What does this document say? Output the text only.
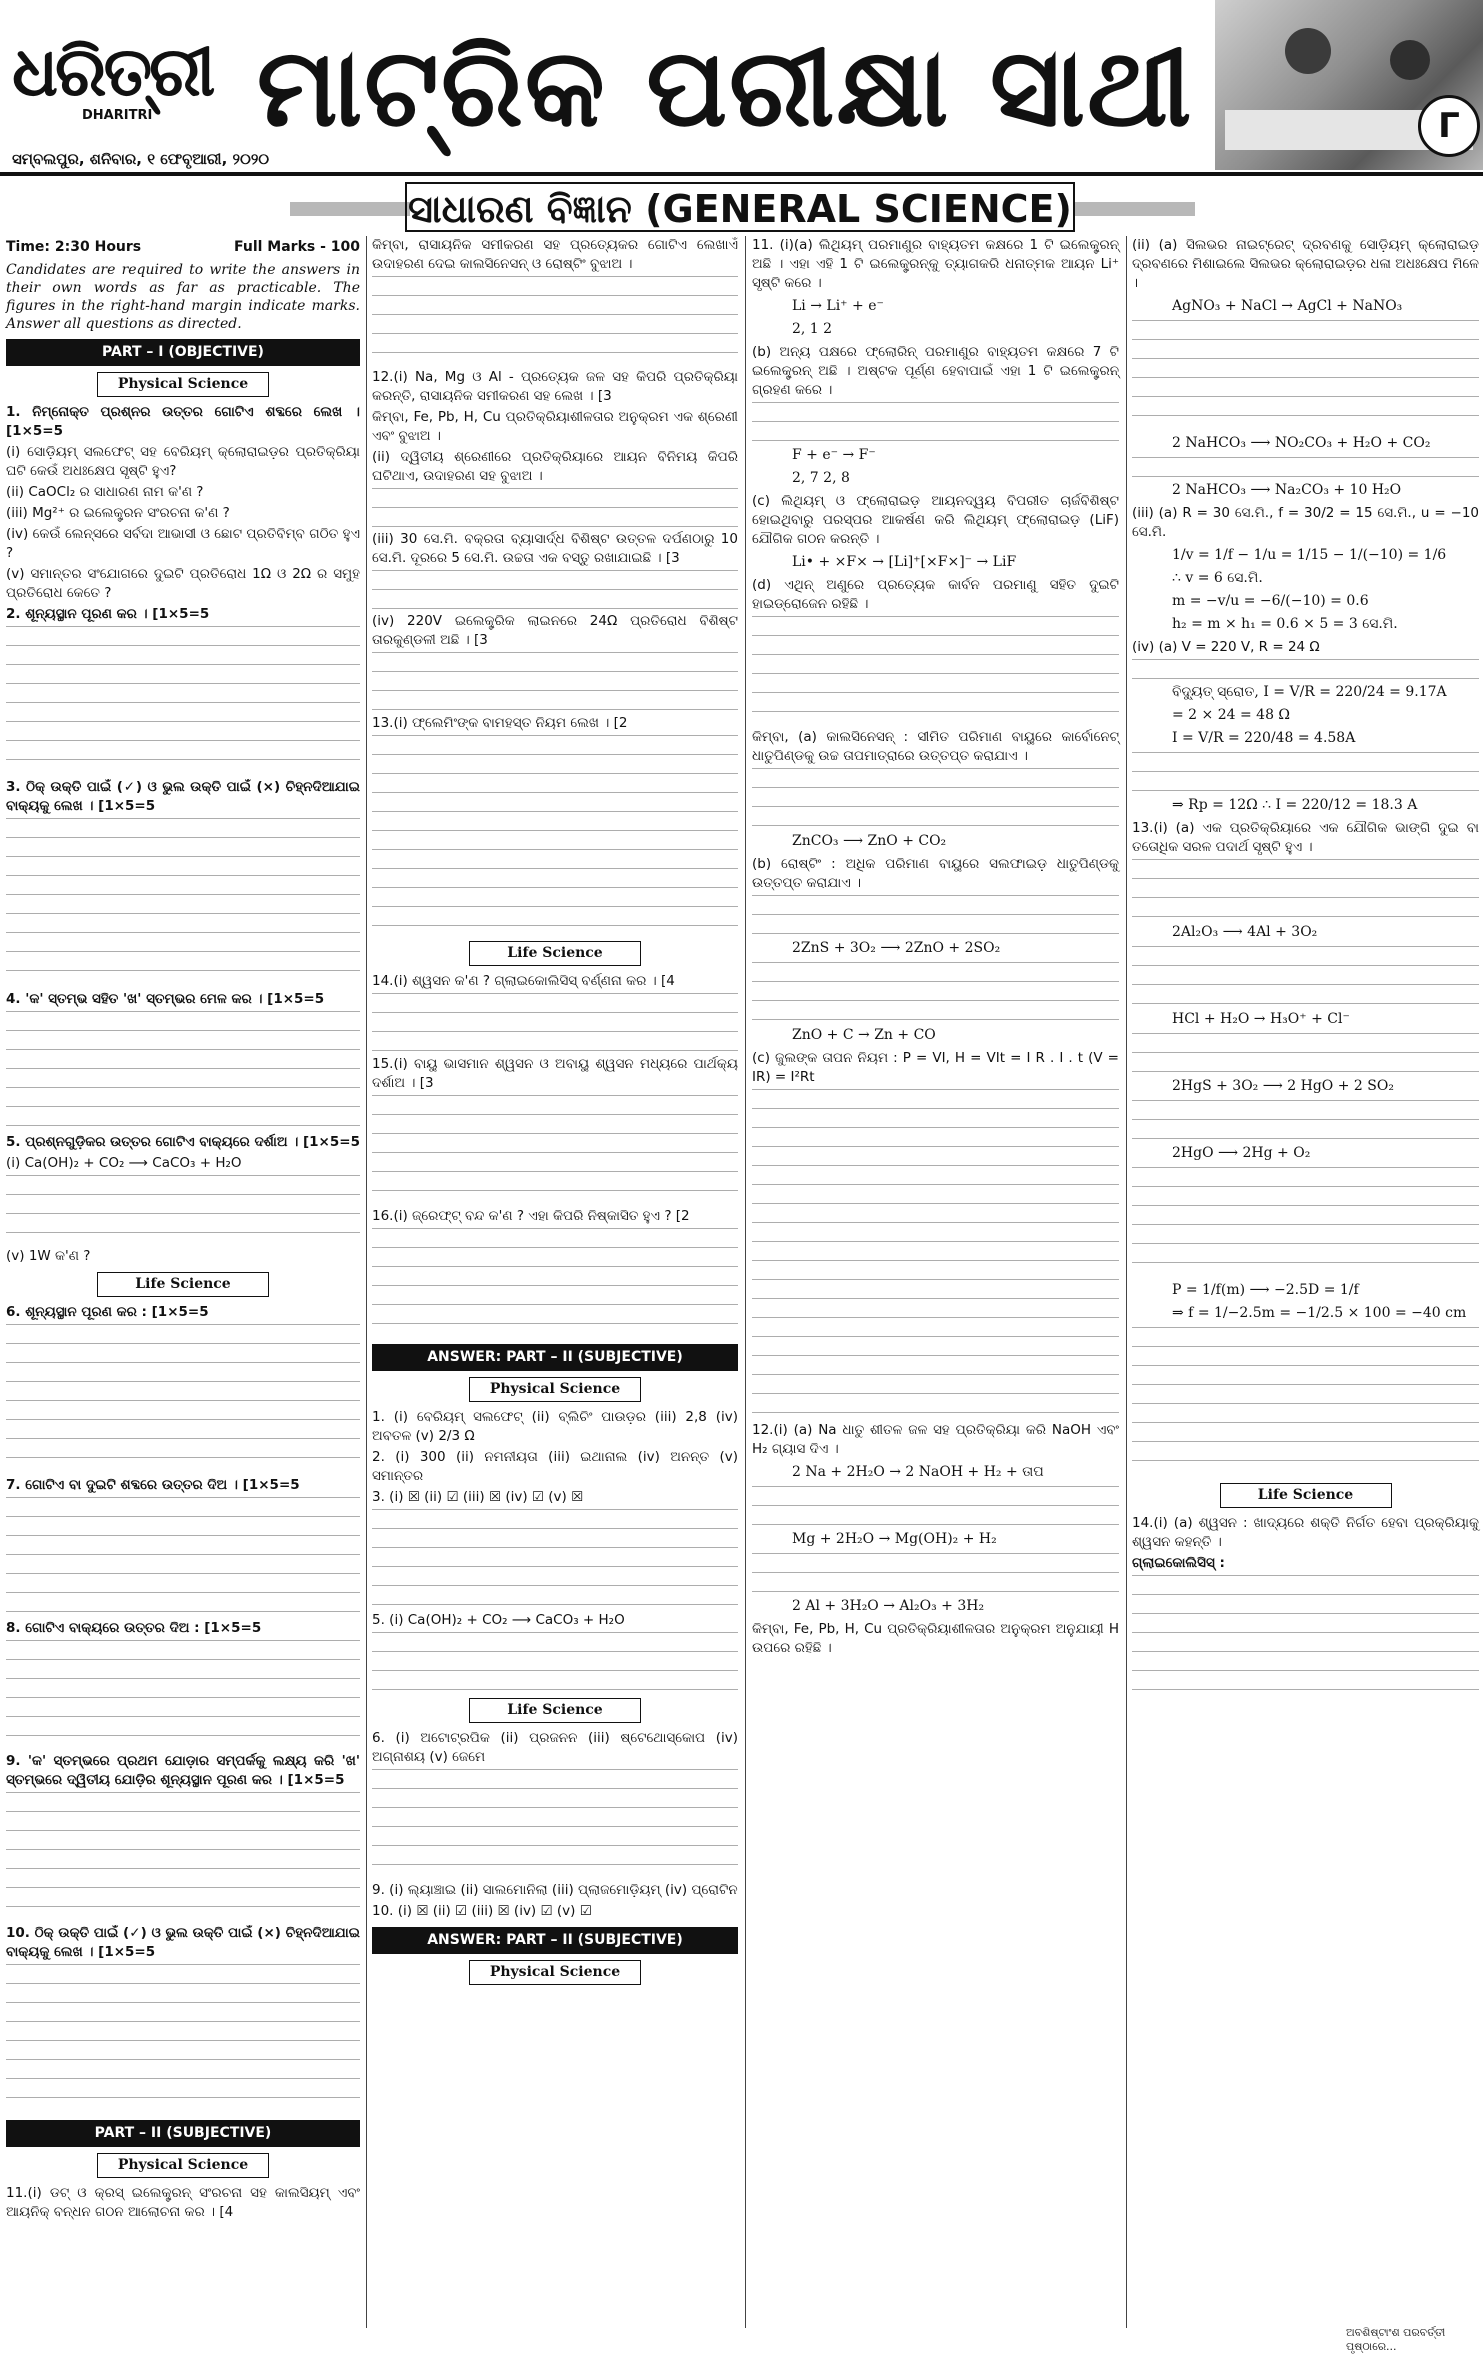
ଧରିତ୍ରୀ
DHARITRI
ସମ୍ବଲପୁର, ଶନିବାର, ୧ ଫେବୃଆରୀ, ୨୦୨୦
ମାଟ୍ରିକ ପରୀକ୍ଷା ସାଥୀ	Γ
ସାଧାରଣ ବିଜ୍ଞାନ (GENERAL SCIENCE)
Time: 2:30 Hours	Full Marks - 100

Candidates are required to write the answers in their own words as far as practicable. The figures in the right-hand margin indicate marks. Answer all questions as directed.

PART – I (OBJECTIVE)
Physical Science

1. ନିମ୍ନୋକ୍ତ ପ୍ରଶ୍ନର ଉତ୍ତର ଗୋଟିଏ ଶବ୍ଦରେ ଲେଖ । [1×5=5

(i) ସୋଡ଼ିୟମ୍ ସଲଫେଟ୍ ସହ ବେରିୟମ୍ କ୍ଲୋରାଇଡ଼ର ପ୍ରତିକ୍ରିୟା ଘଟି କେଉଁ ଅଧଃକ୍ଷେପ ସୃଷ୍ଟି ହୁଏ?

(ii) CaOCl₂ ର ସାଧାରଣ ନାମ କ'ଣ ?

(iii) Mg²⁺ ର ଇଲେକ୍ଟ୍ରନ ସଂରଚନା କ'ଣ ?

(iv) କେଉଁ ଲେନ୍ସରେ ସର୍ବଦା ଆଭାସୀ ଓ ଛୋଟ ପ୍ରତିବିମ୍ବ ଗଠିତ ହୁଏ ?

(v) ସମାନ୍ତର ସଂଯୋଗରେ ଦୁଇଟି ପ୍ରତିରୋଧ 1Ω ଓ 2Ω ର ସମୁହ ପ୍ରତିରୋଧ କେତେ ?

2. ଶୂନ୍ୟସ୍ଥାନ ପୂରଣ କର । [1×5=5

3. ଠିକ୍ ଉକ୍ତି ପାଇଁ (✓) ଓ ଭୁଲ ଉକ୍ତି ପାଇଁ (×) ଚିହ୍ନଦିଆଯାଇ ବାକ୍ୟକୁ ଲେଖ । [1×5=5

4. 'କ' ସ୍ତମ୍ଭ ସହିତ 'ଖ' ସ୍ତମ୍ଭର ମେଳ କର । [1×5=5

5. ପ୍ରଶ୍ନଗୁଡ଼ିକର ଉତ୍ତର ଗୋଟିଏ ବାକ୍ୟରେ ଦର୍ଶାଅ । [1×5=5

(i) Ca(OH)₂ + CO₂ ⟶ CaCO₃ + H₂O

(v) 1W କ'ଣ ?

Life Science

6. ଶୂନ୍ୟସ୍ଥାନ ପୂରଣ କର : [1×5=5

7. ଗୋଟିଏ ବା ଦୁଇଟି ଶବ୍ଦରେ ଉତ୍ତର ଦିଅ । [1×5=5

8. ଗୋଟିଏ ବାକ୍ୟରେ ଉତ୍ତର ଦିଅ : [1×5=5

9. 'କ' ସ୍ତମ୍ଭରେ ପ୍ରଥମ ଯୋଡ଼ାର ସମ୍ପର୍କକୁ ଲକ୍ଷ୍ୟ କରି 'ଖ' ସ୍ତମ୍ଭରେ ଦ୍ୱିତୀୟ ଯୋଡ଼ିର ଶୂନ୍ୟସ୍ଥାନ ପୂରଣ କର । [1×5=5

10. ଠିକ୍ ଉକ୍ତି ପାଇଁ (✓) ଓ ଭୁଲ ଉକ୍ତି ପାଇଁ (×) ଚିହ୍ନଦିଆଯାଇ ବାକ୍ୟକୁ ଲେଖ । [1×5=5

PART – II (SUBJECTIVE)
Physical Science

11.(i) ଡଟ୍ ଓ କ୍ରସ୍ ଇଲେକ୍ଟ୍ରନ୍ ସଂରଚନା ସହ କାଲସିୟମ୍ ଏବଂ ଆୟନିକ୍ ବନ୍ଧନ ଗଠନ ଆଲୋଚନା କର । [4

କିମ୍ବା, ରାସାୟନିକ ସମୀକରଣ ସହ ପ୍ରତ୍ୟେକର ଗୋଟିଏ ଲେଖାଏଁ ଉଦାହରଣ ଦେଇ କାଲସିନେସନ୍ ଓ ରୋଷ୍ଟିଂ ବୁଝାଅ ।

12.(i) Na, Mg ଓ Al - ପ୍ରତ୍ୟେକ ଜଳ ସହ କିପରି ପ୍ରତିକ୍ରିୟା କରନ୍ତି, ରାସାୟନିକ ସମୀକରଣ ସହ ଲେଖ । [3

କିମ୍ବା, Fe, Pb, H, Cu ପ୍ରତିକ୍ରିୟାଶୀଳତାର ଅନୁକ୍ରମ ଏକ ଶ୍ରେଣୀ ଏବଂ ବୁଝାଅ ।

(ii) ଦ୍ୱିତୀୟ ଶ୍ରେଣୀରେ ପ୍ରତିକ୍ରିୟାରେ ଆୟନ ବିନିମୟ କିପରି ଘଟିଥାଏ, ଉଦାହରଣ ସହ ବୁଝାଅ ।

(iii) 30 ସେ.ମି. ବକ୍ରତା ବ୍ୟାସାର୍ଦ୍ଧ ବିଶିଷ୍ଟ ଉତ୍ତଳ ଦର୍ପଣଠାରୁ 10 ସେ.ମି. ଦୂରରେ 5 ସେ.ମି. ଉଚ୍ଚତା ଏକ ବସ୍ତୁ ରଖାଯାଇଛି । [3

(iv) 220V ଇଲେକ୍ଟ୍ରିକ ଲାଇନରେ 24Ω ପ୍ରତିରୋଧ ବିଶିଷ୍ଟ ତାରକୁଣ୍ଡଳୀ ଅଛି । [3

13.(i) ଫ୍ଲେମିଂଙ୍କ ବାମହସ୍ତ ନିୟମ ଲେଖ । [2

Life Science

14.(i) ଶ୍ୱସନ କ'ଣ ? ଗ୍ଲାଇକୋଲିସିସ୍ ବର୍ଣ୍ଣନା କର । [4

15.(i) ବାୟୁ ଭାସମାନ ଶ୍ୱସନ ଓ ଅବାୟୁ ଶ୍ୱସନ ମଧ୍ୟରେ ପାର୍ଥକ୍ୟ ଦର୍ଶାଅ । [3

16.(i) ଜ୍ରେଫ୍ଟ୍ ବନ୍ଦ କ'ଣ ? ଏହା କିପରି ନିଷ୍କାସିତ ହୁଏ ? [2

ANSWER: PART – II (SUBJECTIVE)
Physical Science

1. (i) ବେରିୟମ୍ ସଲଫେଟ୍ (ii) ବ୍ଲିଚିଂ ପାଉଡ଼ର (iii) 2,8 (iv) ଅବତଳ (v) 2/3 Ω

2. (i) 300 (ii) ନମନୀୟତା (iii) ଇଥାନାଲ (iv) ଅନନ୍ତ (v) ସମାନ୍ତର

3. (i) ☒ (ii) ☑ (iii) ☒ (iv) ☑ (v) ☒

5. (i) Ca(OH)₂ + CO₂ ⟶ CaCO₃ + H₂O

Life Science

6. (i) ଅଟୋଟ୍ରପିକ (ii) ପ୍ରଜନନ (iii) ଷ୍ଟେଥୋସ୍କୋପ (iv) ଅଗ୍ନାଶୟ (v) ଜେମେ

9. (i) ଲ୍ୟାଞ୍ଚାଇ (ii) ସାଲମୋନିଲା (iii) ପ୍ଲାଜମୋଡ଼ିୟମ୍ (iv) ପ୍ରୋଟିନ

10. (i) ☒ (ii) ☑ (iii) ☒ (iv) ☑ (v) ☑

ANSWER: PART – II (SUBJECTIVE)
Physical Science

11. (i)(a) ଲିଥିୟମ୍ ପରମାଣୁର ବାହ୍ୟତମ କକ୍ଷରେ 1 ଟି ଇଲେକ୍ଟ୍ରନ୍ ଅଛି । ଏହା ଏହି 1 ଟି ଇଲେକ୍ଟ୍ରନ୍କୁ ତ୍ୟାଗକରି ଧନାତ୍ମକ ଆୟନ Li⁺ ସୃଷ୍ଟି କରେ ।

Li → Li⁺ + e⁻
2, 1 2

(b) ଅନ୍ୟ ପକ୍ଷରେ ଫ୍ଲୋରିନ୍ ପରମାଣୁର ବାହ୍ୟତମ କକ୍ଷରେ 7 ଟି ଇଲେକ୍ଟ୍ରନ୍ ଅଛି । ଅଷ୍ଟକ ପୂର୍ଣ୍ଣ ହେବାପାଇଁ ଏହା 1 ଟି ଇଲେକ୍ଟ୍ରନ୍ ଗ୍ରହଣ କରେ ।

F + e⁻ → F⁻
2, 7 2, 8

(c) ଲିଥିୟମ୍ ଓ ଫ୍ଲୋରାଇଡ଼ ଆୟନଦ୍ୱୟ ବିପରୀତ ଚାର୍ଜବିଶିଷ୍ଟ ହୋଇଥିବାରୁ ପରସ୍ପର ଆକର୍ଷଣ କରି ଲିଥିୟମ୍ ଫ୍ଲୋରାଇଡ଼ (LiF) ଯୌଗିକ ଗଠନ କରନ୍ତି ।

Li• + ×F× → [Li]⁺[×F×]⁻ → LiF

(d) ଏଥିନ୍ ଅଣୁରେ ପ୍ରତ୍ୟେକ କାର୍ବନ ପରମାଣୁ ସହିତ ଦୁଇଟି ହାଇଡ୍ରୋଜେନ ରହିଛି ।

କିମ୍ବା, (a) କାଲସିନେସନ୍ : ସୀମିତ ପରିମାଣ ବାୟୁରେ କାର୍ବୋନେଟ୍ ଧାତୁପିଣ୍ଡକୁ ଉଚ୍ଚ ତାପମାତ୍ରାରେ ଉତ୍ତପ୍ତ କରାଯାଏ ।

ZnCO₃ ⟶ ZnO + CO₂

(b) ରୋଷ୍ଟିଂ : ଅଧିକ ପରିମାଣ ବାୟୁରେ ସଲଫାଇଡ଼ ଧାତୁପିଣ୍ଡକୁ ଉତ୍ତପ୍ତ କରାଯାଏ ।

2ZnS + 3O₂ ⟶ 2ZnO + 2SO₂
ZnO + C → Zn + CO

(c) ଜୁଲଙ୍କ ତାପନ ନିୟମ : P = VI, H = VIt = I R . I . t (V = IR) = I²Rt

12.(i) (a) Na ଧାତୁ ଶୀତଳ ଜଳ ସହ ପ୍ରତିକ୍ରିୟା କରି NaOH ଏବଂ H₂ ଗ୍ୟାସ ଦିଏ ।

2 Na + 2H₂O → 2 NaOH + H₂ + ତାପ
Mg + 2H₂O → Mg(OH)₂ + H₂
2 Al + 3H₂O → Al₂O₃ + 3H₂

କିମ୍ବା, Fe, Pb, H, Cu ପ୍ରତିକ୍ରିୟାଶୀଳତାର ଅନୁକ୍ରମ ଅନୁଯାୟୀ H ଉପରେ ରହିଛି ।

(ii) (a) ସିଲଭର ନାଇଟ୍ରେଟ୍ ଦ୍ରବଣକୁ ସୋଡ଼ିୟମ୍ କ୍ଲୋରାଇଡ଼ ଦ୍ରବଣରେ ମିଶାଇଲେ ସିଲଭର କ୍ଲୋରାଇଡ଼ର ଧଳା ଅଧଃକ୍ଷେପ ମିଳେ ।

AgNO₃ + NaCl → AgCl + NaNO₃
2 NaHCO₃ ⟶ NO₂CO₃ + H₂O + CO₂
2 NaHCO₃ ⟶ Na₂CO₃ + 10 H₂O

(iii) (a) R = 30 ସେ.ମି., f = 30/2 = 15 ସେ.ମି., u = −10 ସେ.ମି.

1/v = 1/f − 1/u = 1/15 − 1/(−10) = 1/6
∴ v = 6 ସେ.ମି.
m = −v/u = −6/(−10) = 0.6
h₂ = m × h₁ = 0.6 × 5 = 3 ସେ.ମି.

(iv) (a) V = 220 V, R = 24 Ω

ବିଦ୍ୟୁତ୍ ସ୍ରୋତ, I = V/R = 220/24 = 9.17A
= 2 × 24 = 48 Ω
I = V/R = 220/48 = 4.58A
⇒ Rp = 12Ω ∴ I = 220/12 = 18.3 A

13.(i) (a) ଏକ ପ୍ରତିକ୍ରିୟାରେ ଏକ ଯୌଗିକ ଭାଙ୍ଗି ଦୁଇ ବା ତତୋଧିକ ସରଳ ପଦାର୍ଥ ସୃଷ୍ଟି ହୁଏ ।

2Al₂O₃ ⟶ 4Al + 3O₂
HCl + H₂O → H₃O⁺ + Cl⁻
2HgS + 3O₂ ⟶ 2 HgO + 2 SO₂
2HgO ⟶ 2Hg + O₂
P = 1/f(m) ⟶ −2.5D = 1/f
⇒ f = 1/−2.5m = −1/2.5 × 100 = −40 cm
Life Science

14.(i) (a) ଶ୍ୱସନ : ଖାଦ୍ୟରେ ଶକ୍ତି ନିର୍ଗତ ହେବା ପ୍ରକ୍ରିୟାକୁ ଶ୍ୱସନ କହନ୍ତି ।

ଗ୍ଲାଇକୋଲିସିସ୍ :

ଅବଶିଷ୍ଟାଂଶ ପରବର୍ତ୍ତୀ ପୃଷ୍ଠାରେ...
